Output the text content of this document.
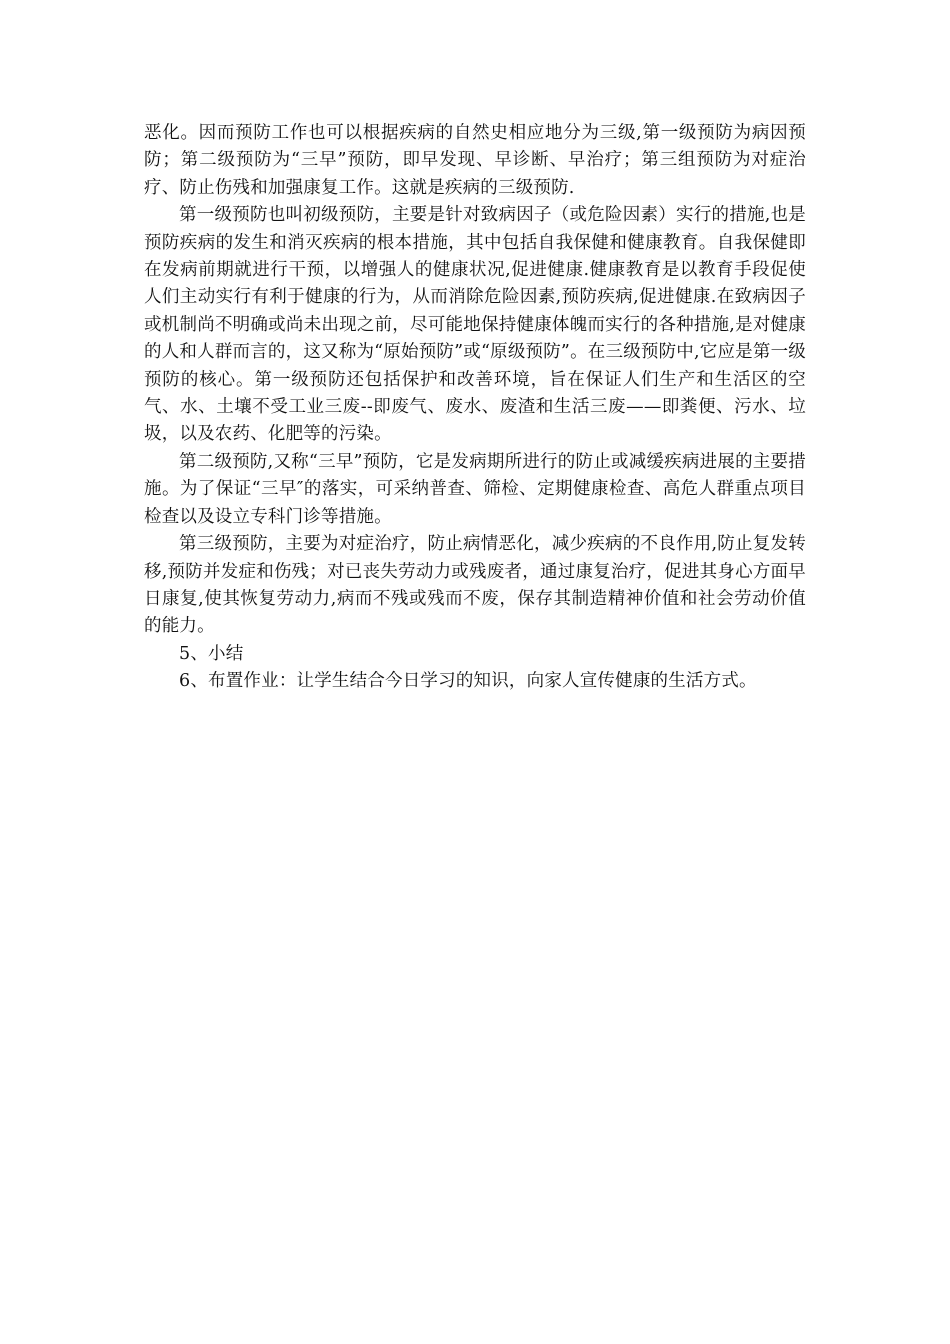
恶化。因而预防工作也可以根据疾病的自然史相应地分为三级,第一级预防为病因预防；第二级预防为“三早”预防，即早发现、早诊断、早治疗；第三组预防为对症治疗、防止伤残和加强康复工作。这就是疾病的三级预防.

第一级预防也叫初级预防，主要是针对致病因子（或危险因素）实行的措施,也是预防疾病的发生和消灭疾病的根本措施，其中包括自我保健和健康教育。自我保健即在发病前期就进行干预，以增强人的健康状况,促进健康.健康教育是以教育手段促使人们主动实行有利于健康的行为，从而消除危险因素,预防疾病,促进健康.在致病因子或机制尚不明确或尚未出现之前，尽可能地保持健康体魄而实行的各种措施,是对健康的人和人群而言的，这又称为“原始预防”或“原级预防”。在三级预防中,它应是第一级预防的核心。第一级预防还包括保护和改善环境，旨在保证人们生产和生活区的空气、水、土壤不受工业三废--即废气、废水、废渣和生活三废——即粪便、污水、垃圾，以及农药、化肥等的污染。

第二级预防,又称“三早”预防，它是发病期所进行的防止或减缓疾病进展的主要措施。为了保证“三早″的落实，可采纳普查、筛检、定期健康检查、高危人群重点项目检查以及设立专科门诊等措施。

第三级预防，主要为对症治疗，防止病情恶化，减少疾病的不良作用,防止复发转移,预防并发症和伤残；对已丧失劳动力或残废者，通过康复治疗，促进其身心方面早日康复,使其恢复劳动力,病而不残或残而不废，保存其制造精神价值和社会劳动价值的能力。

5、小结

6、布置作业：让学生结合今日学习的知识，向家人宣传健康的生活方式。
